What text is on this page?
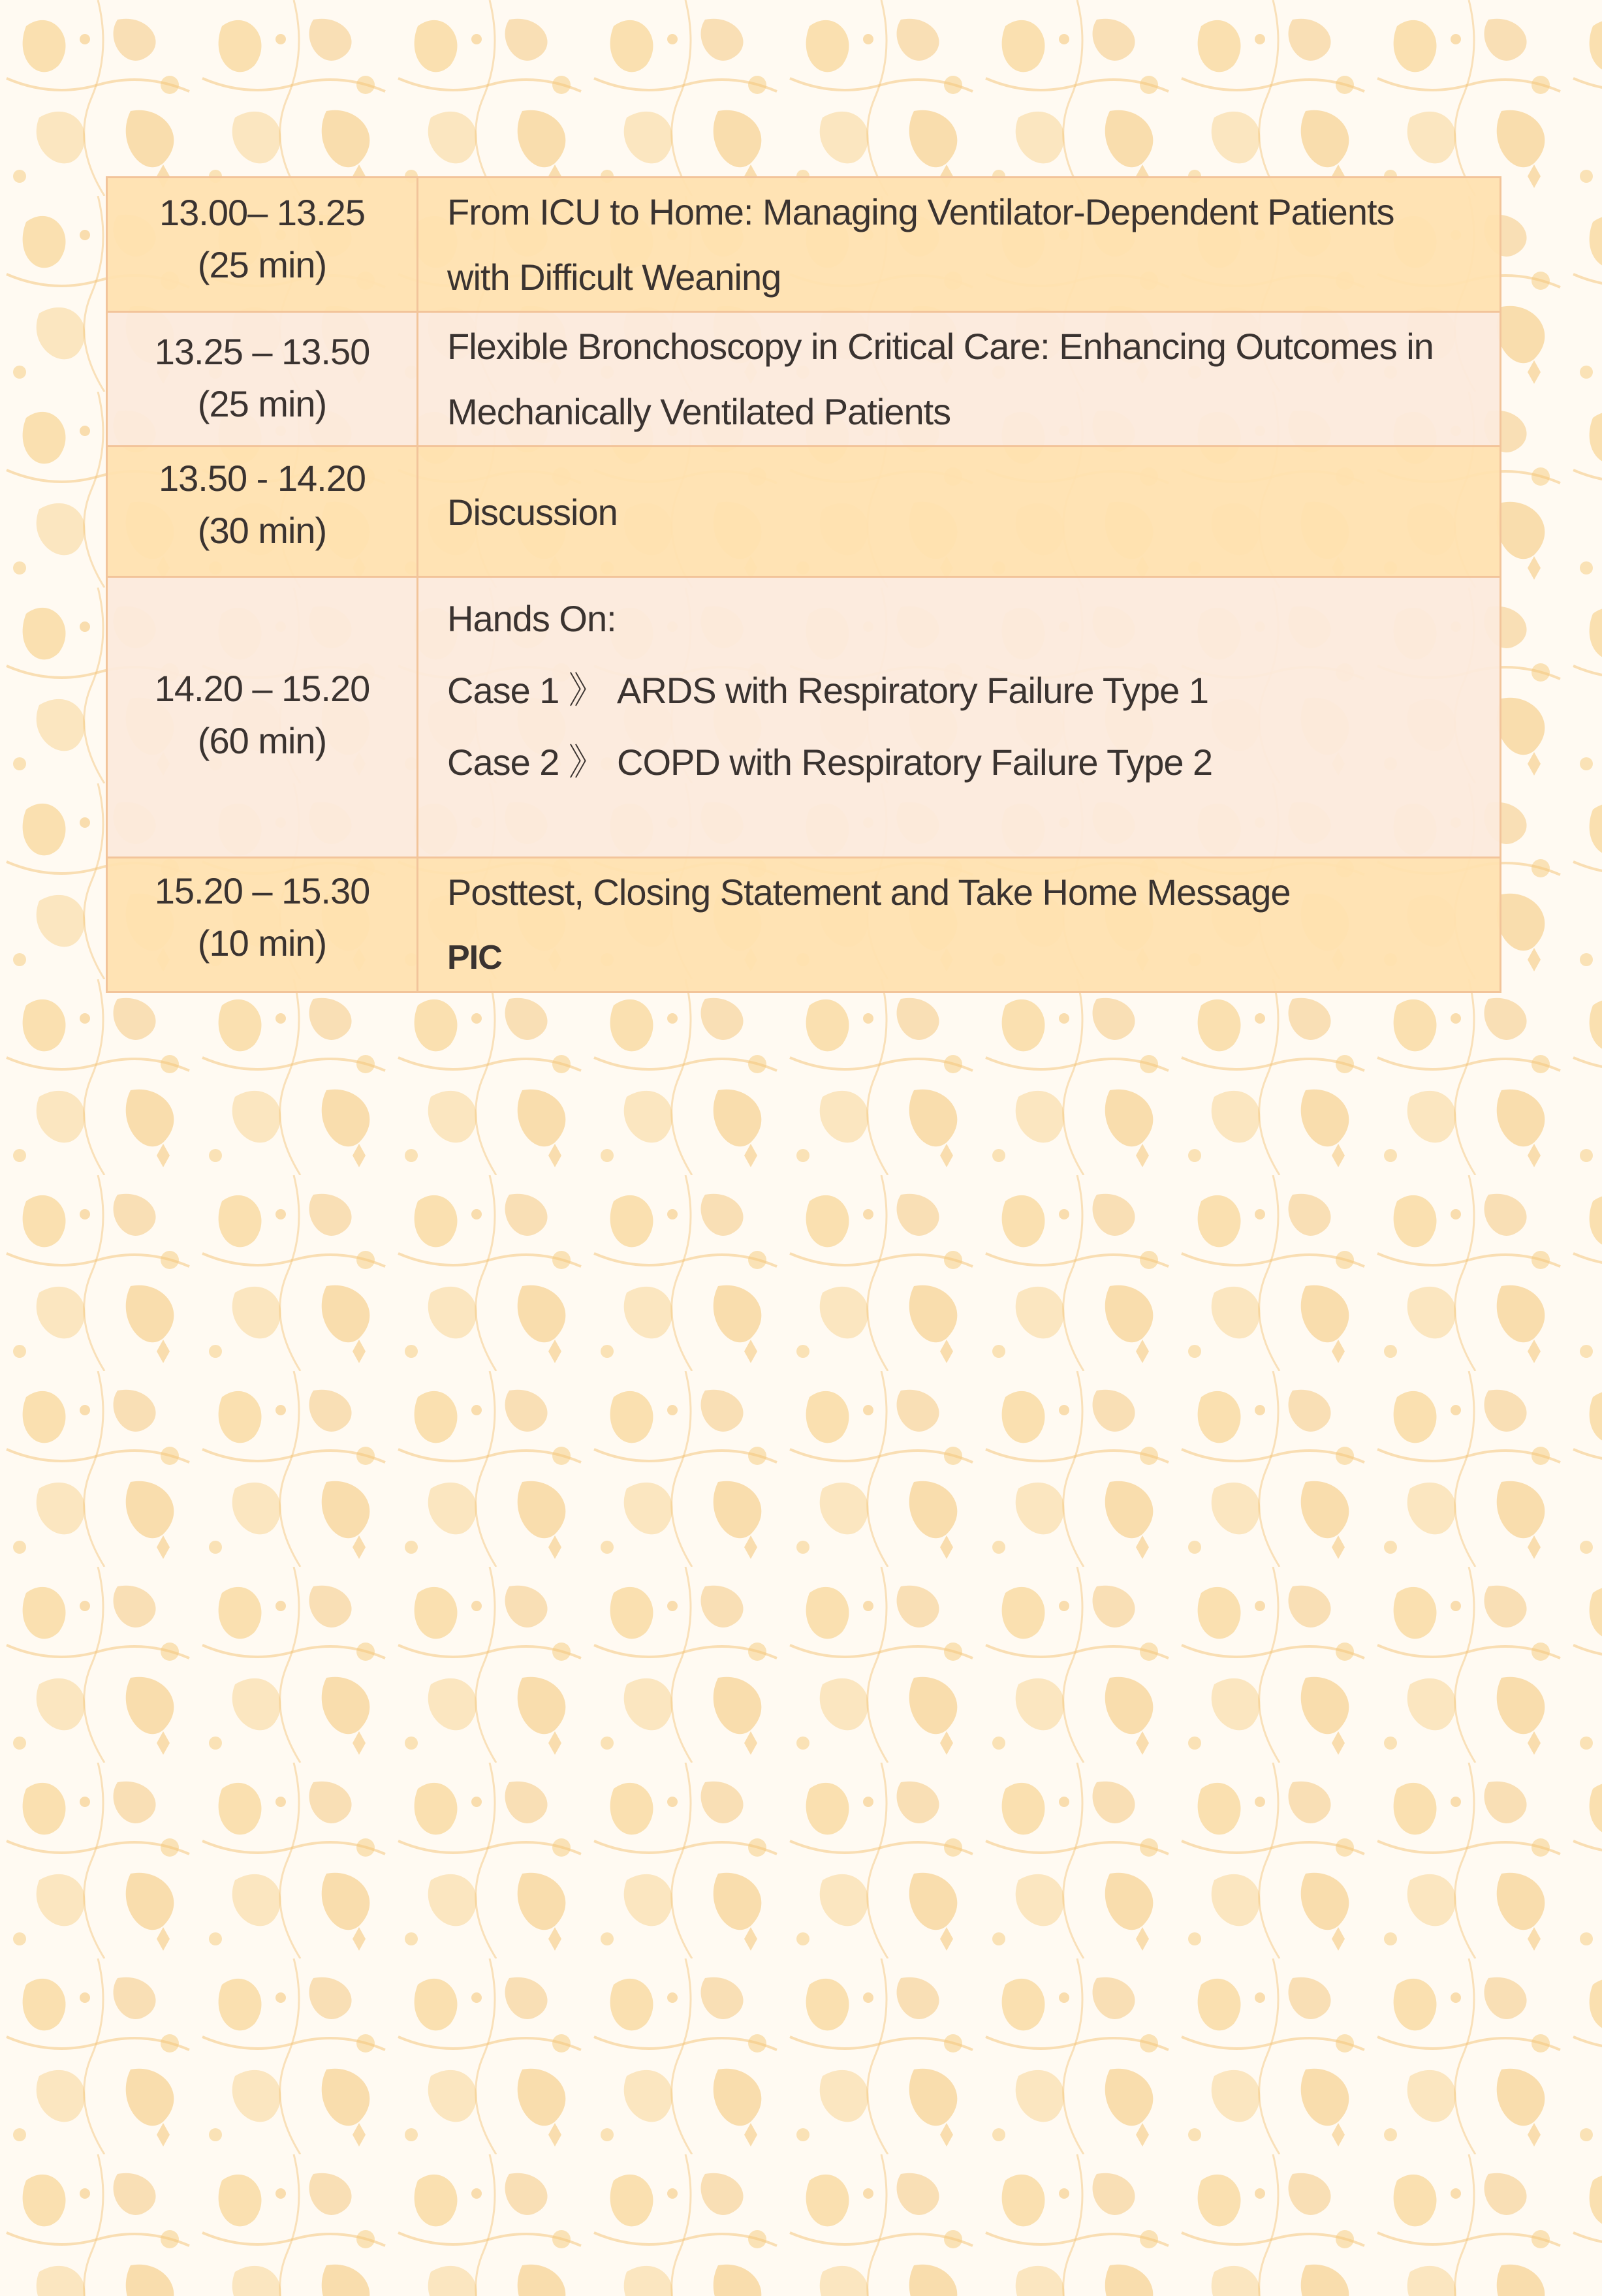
13.00– 13.25
(25 min)	From ICU to Home: Managing Ventilator-Dependent Patients
with Difficult Weaning

13.25 – 13.50
(25 min)	Flexible Bronchoscopy in Critical Care: Enhancing Outcomes in
Mechanically Ventilated Patients

13.50 - 14.20
(30 min)	Discussion

14.20 – 15.20
(60 min)	Hands On:
Case 1 》 ARDS with Respiratory Failure Type 1
Case 2 》 COPD with Respiratory Failure Type 2

15.20 – 15.30
(10 min)	Posttest, Closing Statement and Take Home Message
PIC
